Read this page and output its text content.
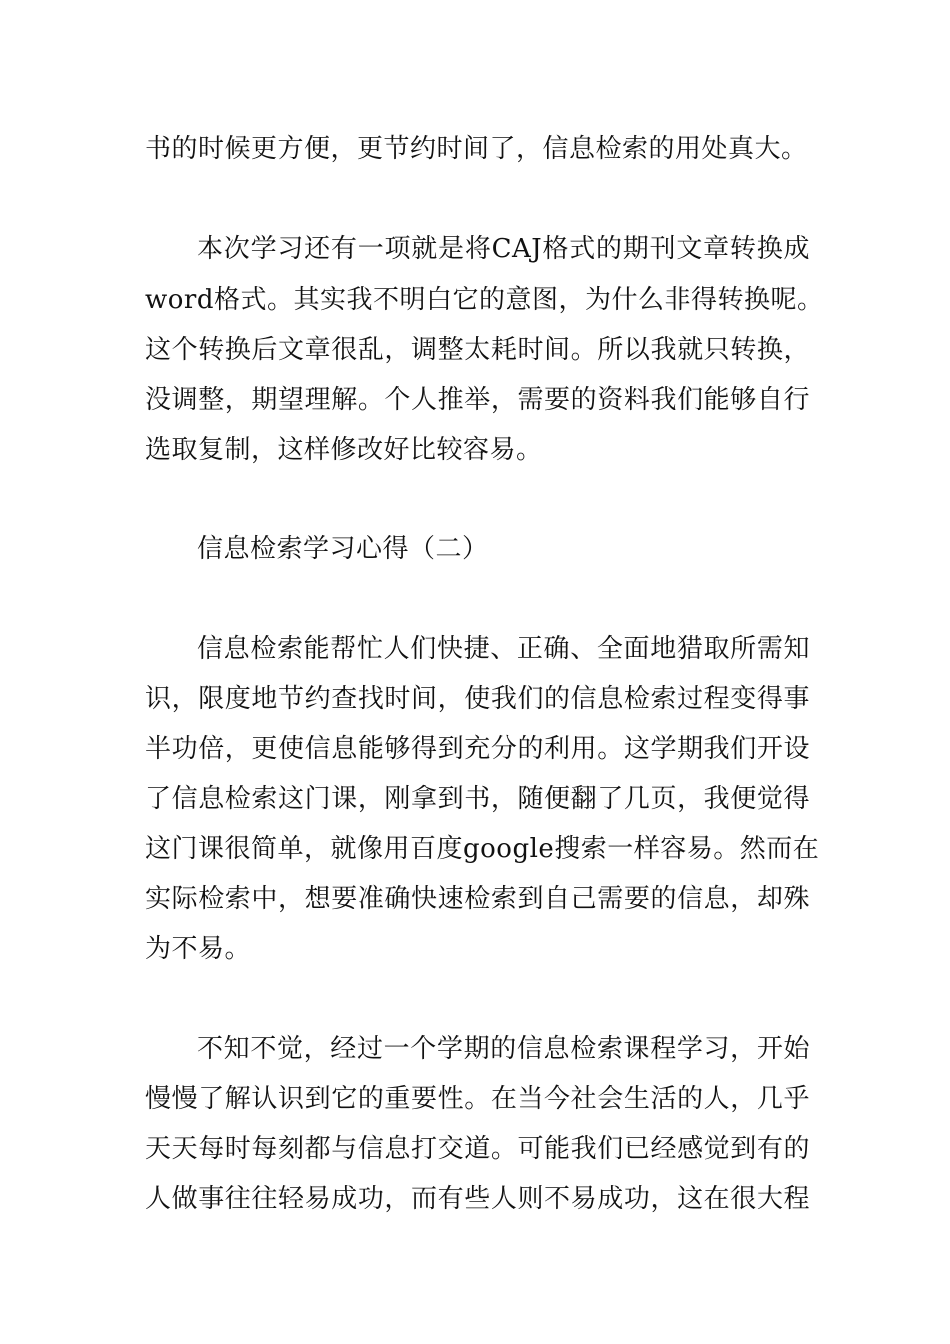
书的时候更方便，更节约时间了，信息检索的用处真大。
本次学习还有一项就是将CAJ格式的期刊文章转换成
word格式。其实我不明白它的意图，为什么非得转换呢。
这个转换后文章很乱，调整太耗时间。所以我就只转换，
没调整，期望理解。个人推举，需要的资料我们能够自行
选取复制，这样修改好比较容易。
信息检索学习心得（二）
信息检索能帮忙人们快捷、正确、全面地猎取所需知
识，限度地节约查找时间，使我们的信息检索过程变得事
半功倍，更使信息能够得到充分的利用。这学期我们开设
了信息检索这门课，刚拿到书，随便翻了几页，我便觉得
这门课很简单，就像用百度google搜索一样容易。然而在
实际检索中，想要准确快速检索到自己需要的信息，却殊
为不易。
不知不觉，经过一个学期的信息检索课程学习，开始
慢慢了解认识到它的重要性。在当今社会生活的人，几乎
天天每时每刻都与信息打交道。可能我们已经感觉到有的
人做事往往轻易成功，而有些人则不易成功，这在很大程
